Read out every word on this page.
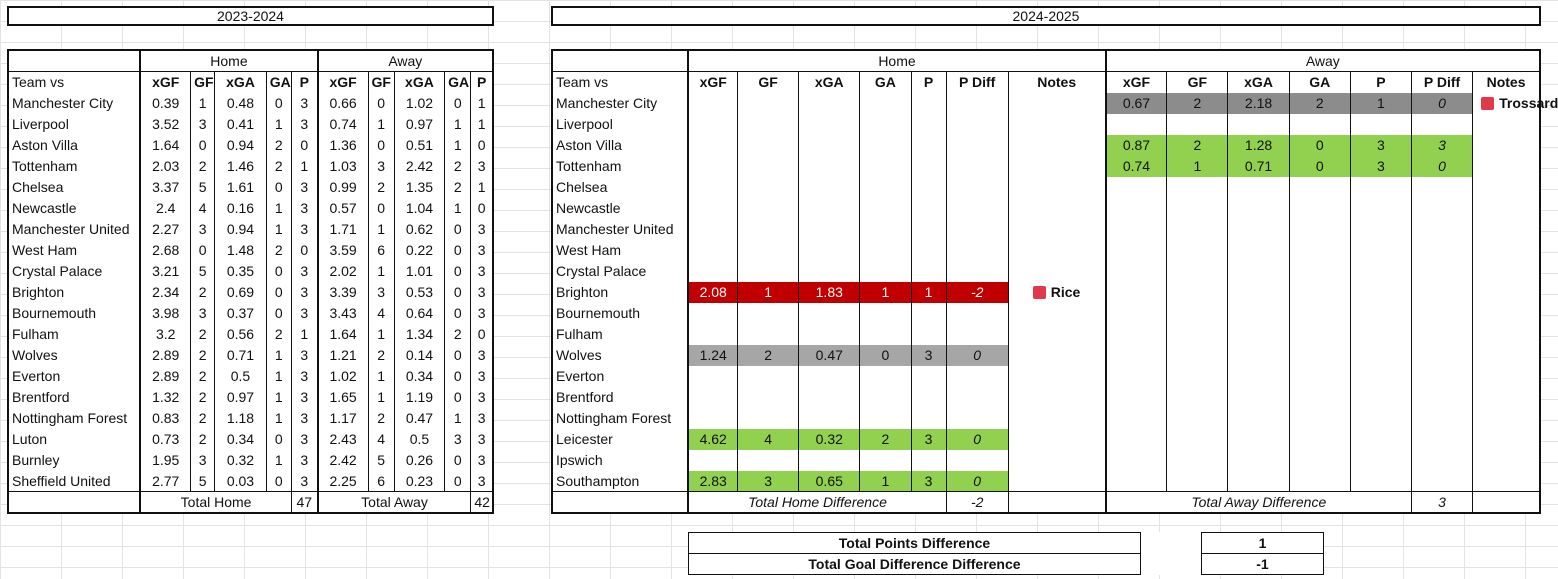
2023-2024	2024-2025
	Home					Away				
Team vs	xGF	GF	xGA	GA	P	xGF	GF	xGA	GA	P
Manchester City	0.39	1	0.48	0	3	0.66	0	1.02	0	1
Liverpool	3.52	3	0.41	1	3	0.74	1	0.97	1	1
Aston Villa	1.64	0	0.94	2	0	1.36	0	0.51	1	0
Tottenham	2.03	2	1.46	2	1	1.03	3	2.42	2	3
Chelsea	3.37	5	1.61	0	3	0.99	2	1.35	2	1
Newcastle	2.4	4	0.16	1	3	0.57	0	1.04	1	0
Manchester United	2.27	3	0.94	1	3	1.71	1	0.62	0	3
West Ham	2.68	0	1.48	2	0	3.59	6	0.22	0	3
Crystal Palace	3.21	5	0.35	0	3	2.02	1	1.01	0	3
Brighton	2.34	2	0.69	0	3	3.39	3	0.53	0	3
Bournemouth	3.98	3	0.37	0	3	3.43	4	0.64	0	3
Fulham	3.2	2	0.56	2	1	1.64	1	1.34	2	0
Wolves	2.89	2	0.71	1	3	1.21	2	0.14	0	3
Everton	2.89	2	0.5	1	3	1.02	1	0.34	0	3
Brentford	1.32	2	0.97	1	3	1.65	1	1.19	0	3
Nottingham Forest	0.83	2	1.18	1	3	1.17	2	0.47	1	3
Luton	0.73	2	0.34	0	3	2.43	4	0.5	3	3
Burnley	1.95	3	0.32	1	3	2.42	5	0.26	0	3
Sheffield United	2.77	5	0.03	0	3	2.25	6	0.23	0	3
	Total Home				47	Total Away				42
	Home							Away						
Team vs	xGF	GF	xGA	GA	P	P Diff	Notes	xGF	GF	xGA	GA	P	P Diff	Notes
Manchester City								0.67	2	2.18	2	1	0	Trossard
Liverpool														
Aston Villa								0.87	2	1.28	0	3	3	
Tottenham								0.74	1	0.71	0	3	0	
Chelsea														
Newcastle														
Manchester United														
West Ham														
Crystal Palace														
Brighton	2.08	1	1.83	1	1	-2	Rice							
Bournemouth														
Fulham														
Wolves	1.24	2	0.47	0	3	0								
Everton														
Brentford														
Nottingham Forest														
Leicester	4.62	4	0.32	2	3	0								
Ipswich														
Southampton	2.83	3	0.65	1	3	0								
	Total Home Difference					-2		Total Away Difference					3	
Total Points Difference		1
Total Goal Difference Difference		-1
